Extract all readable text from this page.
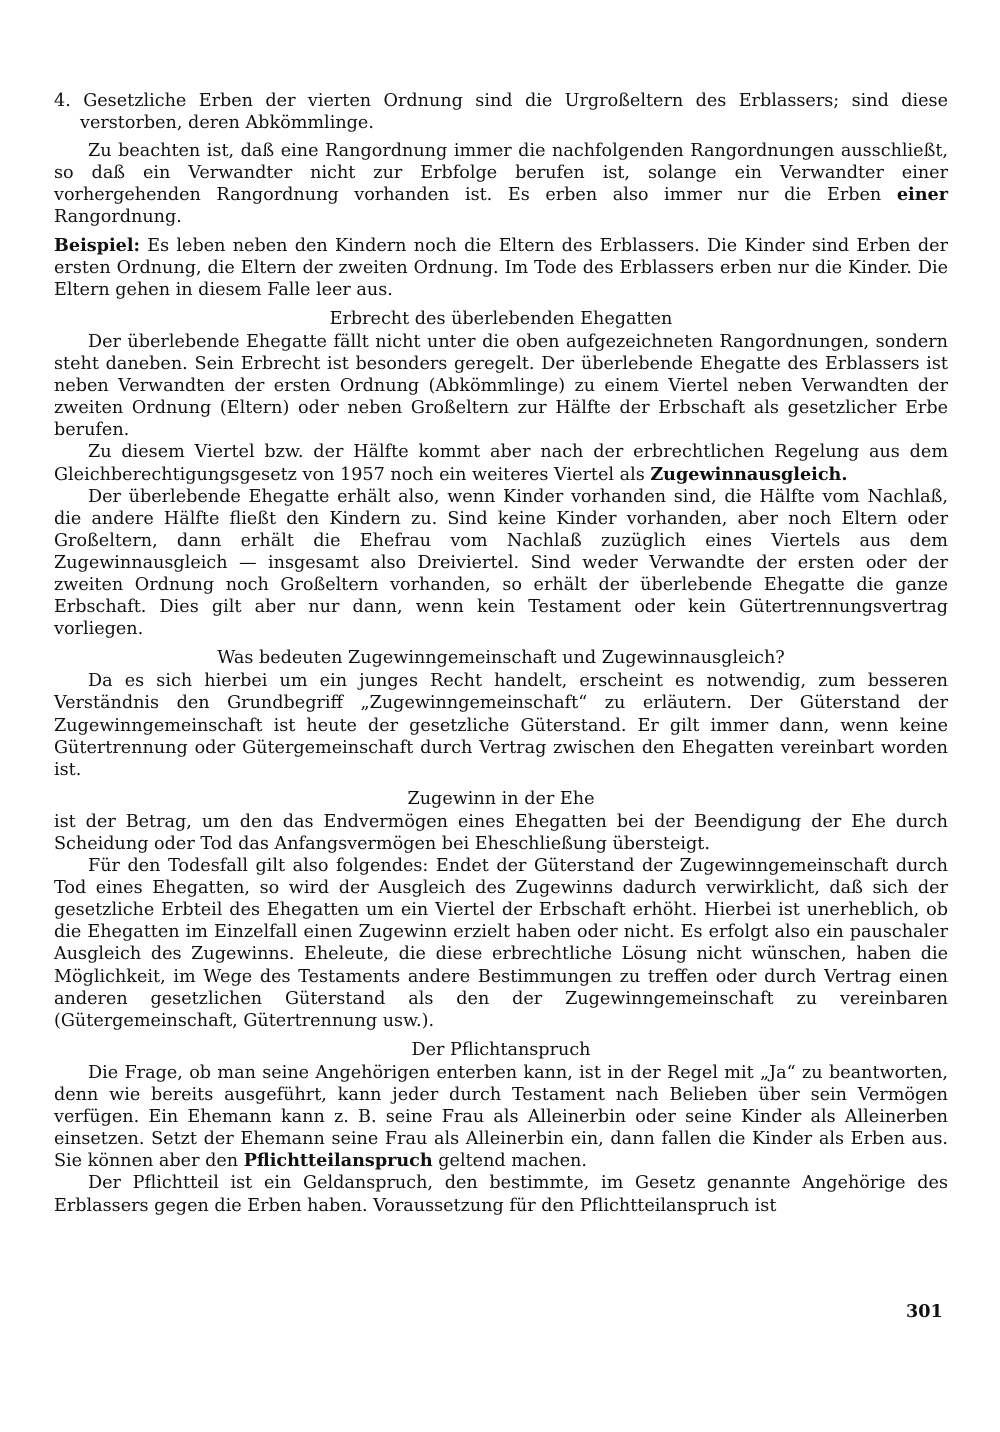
4. Gesetzliche Erben der vierten Ordnung sind die Urgroßeltern des Erblassers; sind diese verstorben, deren Abkömmlinge.

Zu beachten ist, daß eine Rangordnung immer die nachfolgenden Rangordnungen ausschließt, so daß ein Verwandter nicht zur Erbfolge berufen ist, solange ein Verwandter einer vorhergehenden Rangordnung vorhanden ist. Es erben also immer nur die Erben einer Rangordnung.

Beispiel: Es leben neben den Kindern noch die Eltern des Erblassers. Die Kinder sind Erben der ersten Ordnung, die Eltern der zweiten Ordnung. Im Tode des Erblassers erben nur die Kinder. Die Eltern gehen in diesem Falle leer aus.

Erbrecht des überlebenden Ehegatten

Der überlebende Ehegatte fällt nicht unter die oben aufgezeichneten Rangordnungen, sondern steht daneben. Sein Erbrecht ist besonders geregelt. Der überlebende Ehegatte des Erblassers ist neben Verwandten der ersten Ordnung (Abkömmlinge) zu einem Viertel neben Verwandten der zweiten Ordnung (Eltern) oder neben Großeltern zur Hälfte der Erbschaft als gesetzlicher Erbe berufen.

Zu diesem Viertel bzw. der Hälfte kommt aber nach der erbrechtlichen Regelung aus dem Gleichberechtigungsgesetz von 1957 noch ein weiteres Viertel als Zugewinnausgleich.

Der überlebende Ehegatte erhält also, wenn Kinder vorhanden sind, die Hälfte vom Nachlaß, die andere Hälfte fließt den Kindern zu. Sind keine Kinder vorhanden, aber noch Eltern oder Großeltern, dann erhält die Ehefrau vom Nachlaß zuzüglich eines Viertels aus dem Zugewinnausgleich — insgesamt also Dreiviertel. Sind weder Verwandte der ersten oder der zweiten Ordnung noch Großeltern vorhanden, so erhält der überlebende Ehegatte die ganze Erbschaft. Dies gilt aber nur dann, wenn kein Testament oder kein Gütertrennungsvertrag vorliegen.

Was bedeuten Zugewinngemeinschaft und Zugewinnausgleich?

Da es sich hierbei um ein junges Recht handelt, erscheint es notwendig, zum besseren Verständnis den Grundbegriff „Zugewinngemeinschaft“ zu erläutern. Der Güterstand der Zugewinngemeinschaft ist heute der gesetzliche Güterstand. Er gilt immer dann, wenn keine Gütertrennung oder Gütergemeinschaft durch Vertrag zwischen den Ehegatten vereinbart worden ist.

Zugewinn in der Ehe

ist der Betrag, um den das Endvermögen eines Ehegatten bei der Beendigung der Ehe durch Scheidung oder Tod das Anfangsvermögen bei Eheschließung übersteigt.

Für den Todesfall gilt also folgendes: Endet der Güterstand der Zugewinngemeinschaft durch Tod eines Ehegatten, so wird der Ausgleich des Zugewinns dadurch verwirklicht, daß sich der gesetzliche Erbteil des Ehegatten um ein Viertel der Erbschaft erhöht. Hierbei ist unerheblich, ob die Ehegatten im Einzelfall einen Zugewinn erzielt haben oder nicht. Es erfolgt also ein pauschaler Ausgleich des Zugewinns. Eheleute, die diese erbrechtliche Lösung nicht wünschen, haben die Möglichkeit, im Wege des Testaments andere Bestimmungen zu treffen oder durch Vertrag einen anderen gesetzlichen Güterstand als den der Zugewinngemeinschaft zu vereinbaren (Gütergemeinschaft, Gütertrennung usw.).

Der Pflichtanspruch

Die Frage, ob man seine Angehörigen enterben kann, ist in der Regel mit „Ja“ zu beantworten, denn wie bereits ausgeführt, kann jeder durch Testament nach Belieben über sein Vermögen verfügen. Ein Ehemann kann z. B. seine Frau als Alleinerbin oder seine Kinder als Alleinerben einsetzen. Setzt der Ehemann seine Frau als Alleinerbin ein, dann fallen die Kinder als Erben aus. Sie können aber den Pflichtteilanspruch geltend machen.

Der Pflichtteil ist ein Geldanspruch, den bestimmte, im Gesetz genannte Angehörige des Erblassers gegen die Erben haben. Voraussetzung für den Pflichtteilanspruch ist

301
